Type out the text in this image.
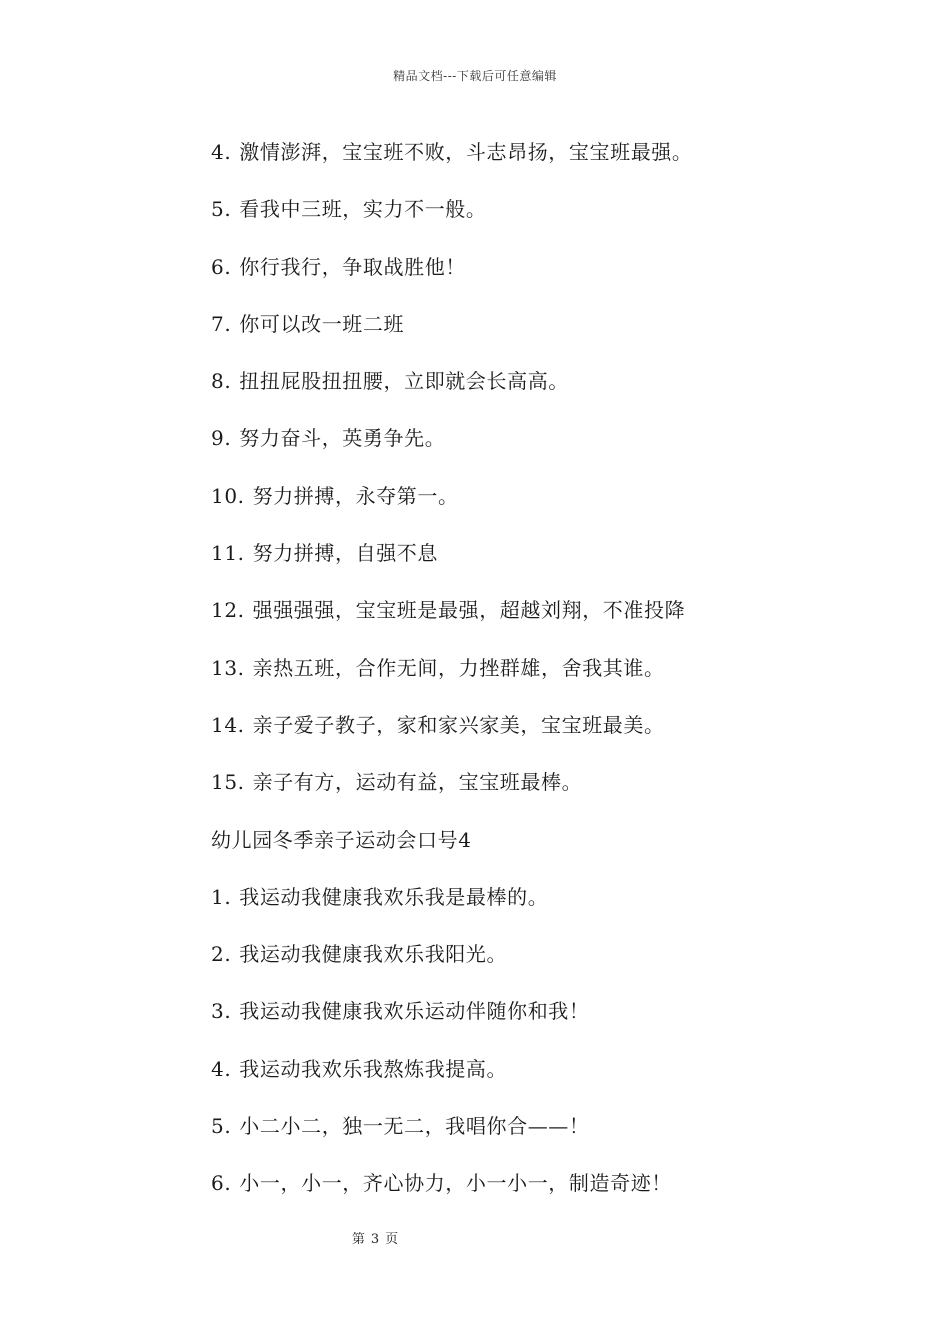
精品文档---下载后可任意编辑
4. 激情澎湃，宝宝班不败，斗志昂扬，宝宝班最强。
5. 看我中三班，实力不一般。
6. 你行我行，争取战胜他！
7. 你可以改一班二班
8. 扭扭屁股扭扭腰，立即就会长高高。
9. 努力奋斗，英勇争先。
10. 努力拼搏，永夺第一。
11. 努力拼搏，自强不息
12. 强强强强，宝宝班是最强，超越刘翔，不准投降
13. 亲热五班，合作无间，力挫群雄，舍我其谁。
14. 亲子爱子教子，家和家兴家美，宝宝班最美。
15. 亲子有方，运动有益，宝宝班最棒。
幼儿园冬季亲子运动会口号4
1. 我运动我健康我欢乐我是最棒的。
2. 我运动我健康我欢乐我阳光。
3. 我运动我健康我欢乐运动伴随你和我！
4. 我运动我欢乐我熬炼我提高。
5. 小二小二，独一无二，我唱你合——！
6. 小一，小一，齐心协力，小一小一，制造奇迹！
第 3 页
